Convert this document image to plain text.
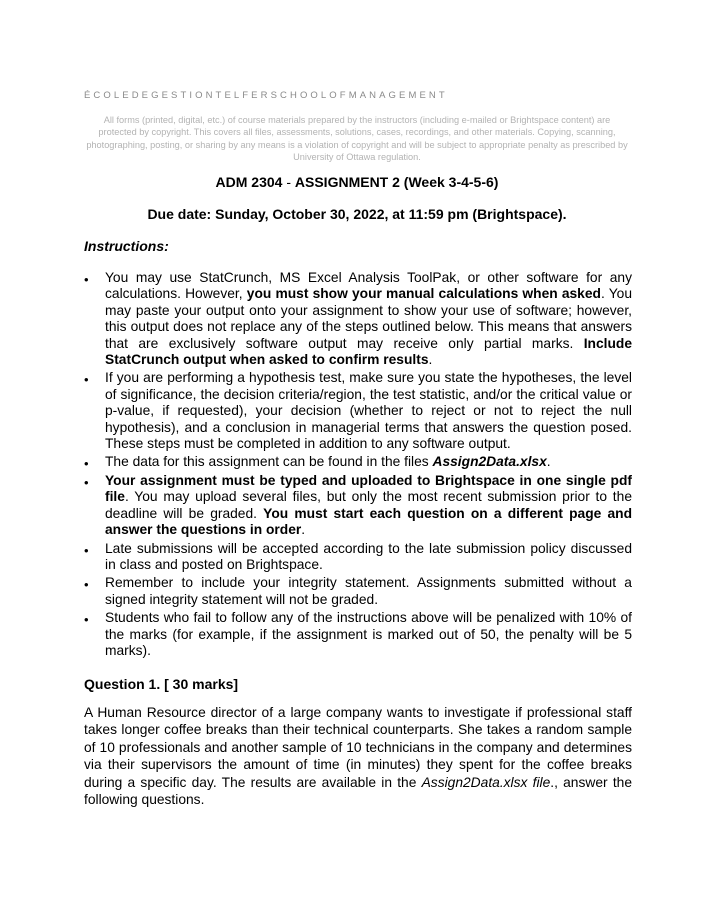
ÉCOLEDEGESTIONTELFERSCHOOLOFMANAGEMENT
All forms (printed, digital, etc.) of course materials prepared by the instructors (including e-mailed or Brightspace content) are protected by copyright. This covers all files, assessments, solutions, cases, recordings, and other materials. Copying, scanning, photographing, posting, or sharing by any means is a violation of copyright and will be subject to appropriate penalty as prescribed by University of Ottawa regulation.
ADM 2304 - ASSIGNMENT 2 (Week 3-4-5-6)
Due date: Sunday, October 30, 2022, at 11:59 pm (Brightspace).
Instructions:
• You may use StatCrunch, MS Excel Analysis ToolPak, or other software for any calculations. However, you must show your manual calculations when asked. You may paste your output onto your assignment to show your use of software; however, this output does not replace any of the steps outlined below. This means that answers that are exclusively software output may receive only partial marks. Include StatCrunch output when asked to confirm results.
• If you are performing a hypothesis test, make sure you state the hypotheses, the level of significance, the decision criteria/region, the test statistic, and/or the critical value or p-value, if requested), your decision (whether to reject or not to reject the null hypothesis), and a conclusion in managerial terms that answers the question posed. These steps must be completed in addition to any software output.
• The data for this assignment can be found in the files Assign2Data.xlsx.
• Your assignment must be typed and uploaded to Brightspace in one single pdf file. You may upload several files, but only the most recent submission prior to the deadline will be graded. You must start each question on a different page and answer the questions in order.
• Late submissions will be accepted according to the late submission policy discussed in class and posted on Brightspace.
• Remember to include your integrity statement. Assignments submitted without a signed integrity statement will not be graded.
• Students who fail to follow any of the instructions above will be penalized with 10% of the marks (for example, if the assignment is marked out of 50, the penalty will be 5 marks).
Question 1. [ 30 marks]

A Human Resource director of a large company wants to investigate if professional staff takes longer coffee breaks than their technical counterparts. She takes a random sample of 10 professionals and another sample of 10 technicians in the company and determines via their supervisors the amount of time (in minutes) they spent for the coffee breaks during a specific day. The results are available in the Assign2Data.xlsx file., answer the following questions.
